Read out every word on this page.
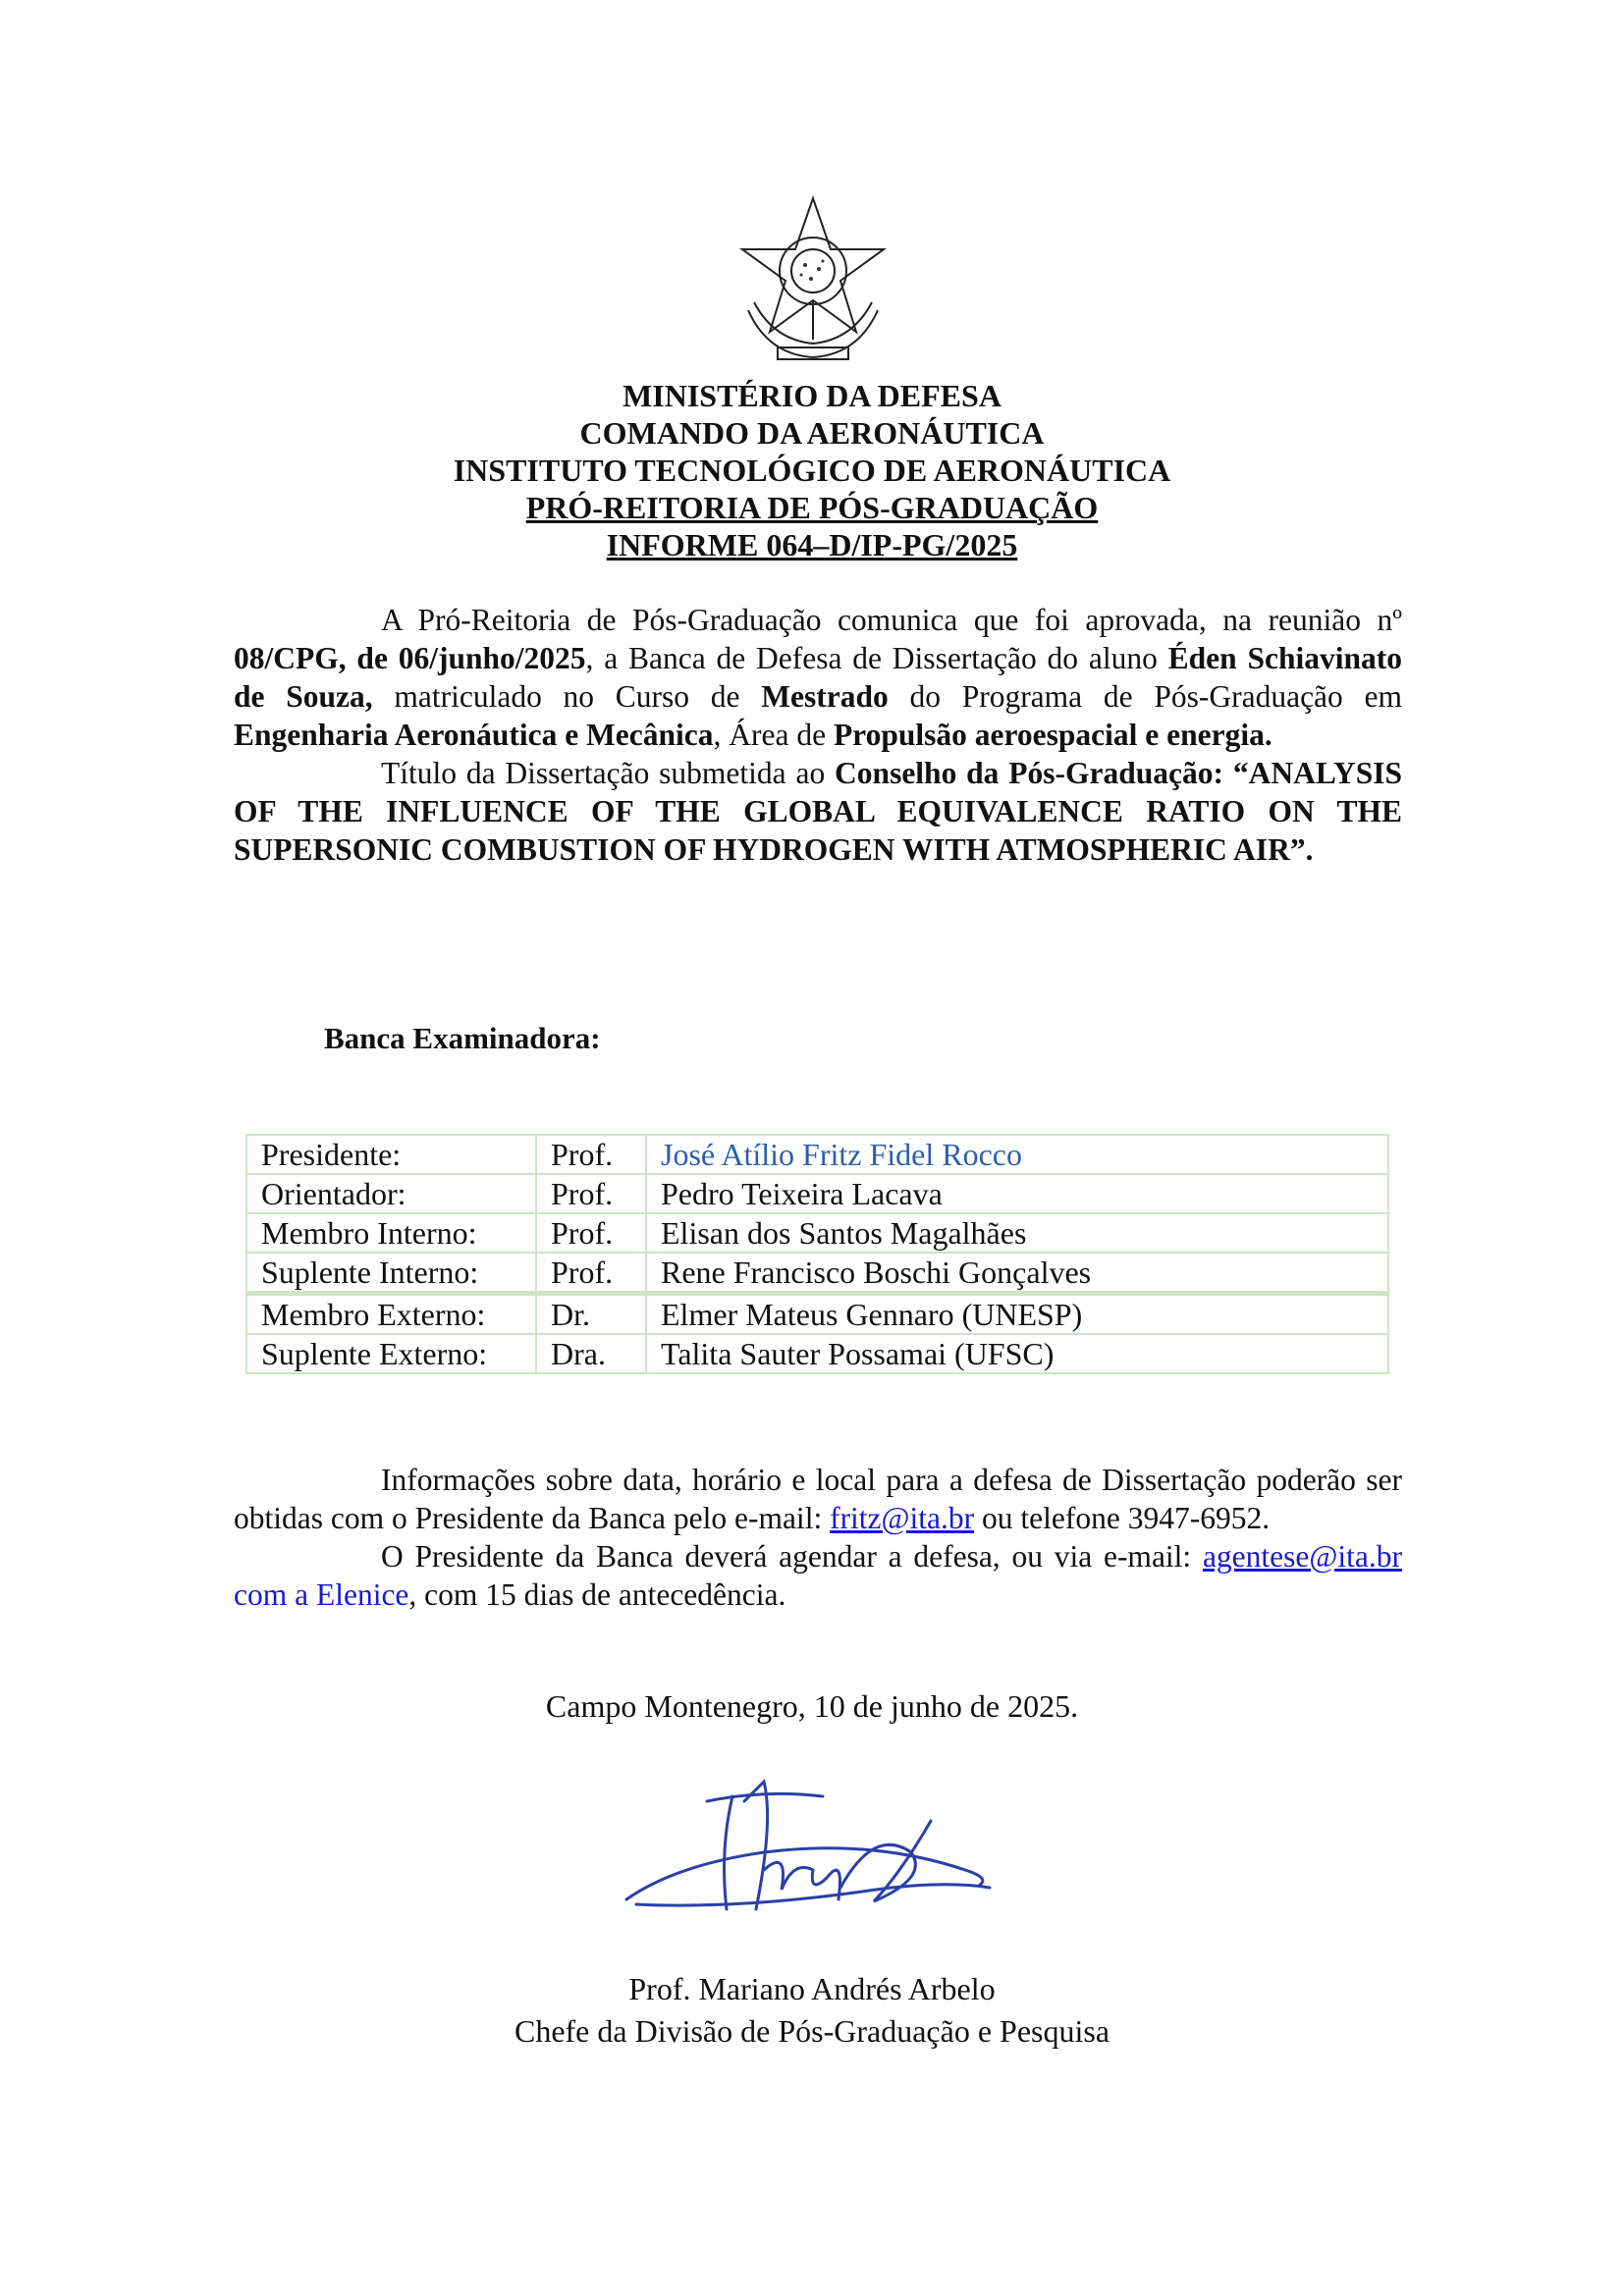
MINISTÉRIO DA DEFESA
COMANDO DA AERONÁUTICA
INSTITUTO TECNOLÓGICO DE AERONÁUTICA
PRÓ-REITORIA DE PÓS-GRADUAÇÃO
INFORME 064–D/IP-PG/2025

A Pró-Reitoria de Pós-Graduação comunica que foi aprovada, na reunião nº 08/CPG, de 06/junho/2025, a Banca de Defesa de Dissertação do aluno Éden Schiavinato de Souza, matriculado no Curso de Mestrado do Programa de Pós-Graduação em Engenharia Aeronáutica e Mecânica, Área de Propulsão aeroespacial e energia.

Título da Dissertação submetida ao Conselho da Pós-Graduação: “ANALYSIS OF THE INFLUENCE OF THE GLOBAL EQUIVALENCE RATIO ON THE SUPERSONIC COMBUSTION OF HYDROGEN WITH ATMOSPHERIC AIR”.

Banca Examinadora:
Presidente:	Prof.	José Atílio Fritz Fidel Rocco
Orientador:	Prof.	Pedro Teixeira Lacava
Membro Interno:	Prof.	Elisan dos Santos Magalhães
Suplente Interno:	Prof.	Rene Francisco Boschi Gonçalves
Membro Externo:	Dr.	Elmer Mateus Gennaro (UNESP)
Suplente Externo:	Dra.	Talita Sauter Possamai (UFSC)

Informações sobre data, horário e local para a defesa de Dissertação poderão ser obtidas com o Presidente da Banca pelo e-mail: fritz@ita.br ou telefone 3947-6952.

O Presidente da Banca deverá agendar a defesa, ou via e-mail: agentese@ita.br com a Elenice, com 15 dias de antecedência.

Campo Montenegro, 10 de junho de 2025.
Prof. Mariano Andrés Arbelo
Chefe da Divisão de Pós-Graduação e Pesquisa
